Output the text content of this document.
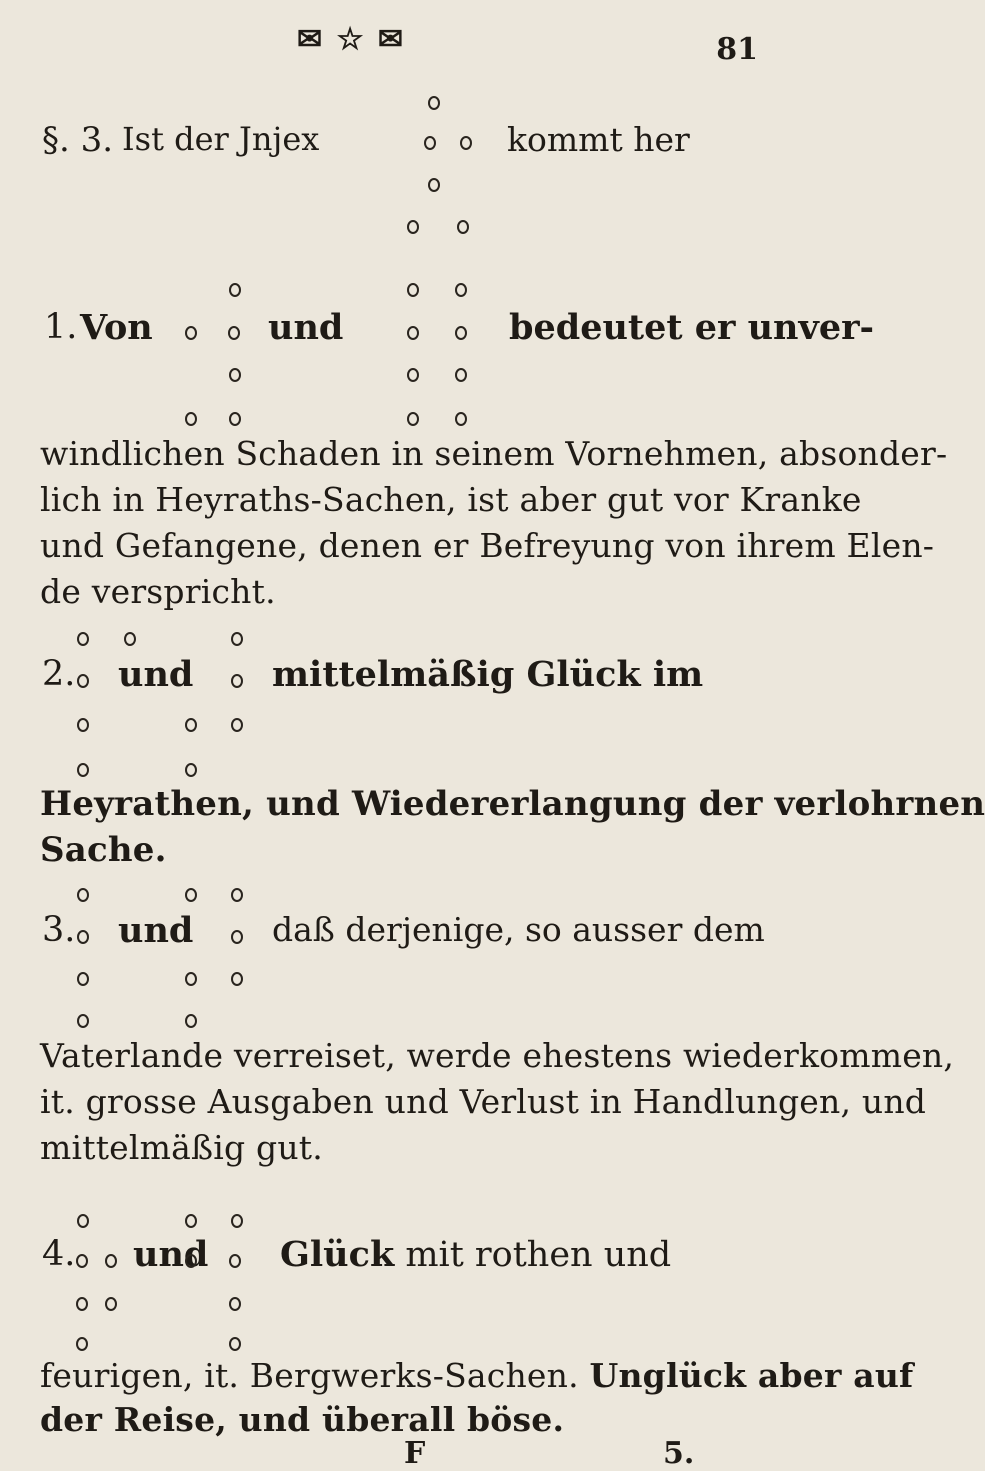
✉ ☆ ✉	81
§. 3. Ist der Jnjex	kommt her
1. Von	und	bedeutet er unver-
windlichen Schaden in seinem Vornehmen, absonder-
lich in Heyraths-Sachen, ist aber gut vor Kranke
und Gefangene, denen er Befreyung von ihrem Elen-
de verspricht.
2. und mittelmäßig Glück im
Heyrathen, und Wiedererlangung der verlohrnen
Sache.
3. und daß derjenige, so ausser dem
Vaterlande verreiset, werde ehestens wiederkommen,
it. grosse Ausgaben und Verlust in Handlungen, und
mittelmäßig gut.
4. und Glück mit rothen und
feurigen, it. Bergwerks-Sachen. Unglück aber auf
der Reise, und überall böse.
F	5.
